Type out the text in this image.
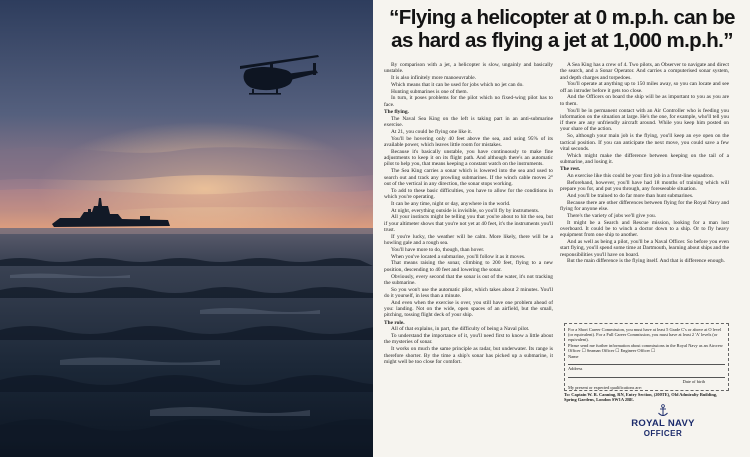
“Flying a helicopter at 0 m.p.h. can be as hard as flying a jet at 1,000 m.p.h.”

By comparison with a jet, a helicopter is slow, ungainly and basically unstable.

It is also infinitely more manoeuvrable.

Which means that it can be used for jobs which no jet can do.

Hunting submarines is one of them.

In turn, it poses problems for the pilot which no fixed-wing pilot has to face.

The flying.

The Naval Sea King on the left is taking part in an anti-submarine exercise.

At 21, you could be flying one like it.

You'll be hovering only 40 feet above the sea, and using 95% of its available power, which leaves little room for mistakes.

Because it's basically unstable, you have continuously to make fine adjustments to keep it on its flight path. And although there's an automatic pilot to help you, that means keeping a constant watch on the instruments.

The Sea King carries a sonar which is lowered into the sea and used to search out and track any prowling submarines. If the winch cable moves 2° out of the vertical in any direction, the sonar stops working.

To add to these basic difficulties, you have to allow for the conditions in which you're operating.

It can be any time, night or day, anywhere in the world.

At night, everything outside is invisible, so you'll fly by instruments.

All your instincts might be telling you that you're about to hit the sea, but if your altimeter shows that you're not yet at 40 feet, it's the instruments you'll trust.

If you're lucky, the weather will be calm. More likely, there will be a howling gale and a rough sea.

You'll have more to do, though, than hover.

When you've located a submarine, you'll follow it as it moves.

That means raising the sonar, climbing to 200 feet, flying to a new position, descending to 40 feet and lowering the sonar.

Obviously, every second that the sonar is out of the water, it's not tracking the submarine.

So you won't use the automatic pilot, which takes about 2 minutes. You'll do it yourself, in less than a minute.

And even when the exercise is over, you still have one problem ahead of you: landing. Not on the wide, open spaces of an airfield, but the small, pitching, tossing flight deck of your ship.

The role.

All of that explains, in part, the difficulty of being a Naval pilot.

To understand the importance of it, you'll need first to know a little about the mysteries of sonar.

It works on much the same principle as radar, but underwater. Its range is therefore shorter. By the time a ship's sonar has picked up a submarine, it might well be too close for comfort.

A Sea King has a crew of 4. Two pilots, an Observer to navigate and direct the search, and a Sonar Operator. And carries a computerised sonar system, and depth charges and torpedoes.

You'll operate at anything up to 150 miles away, so you can locate and see off an intruder before it gets too close.

And the Officers on board the ship will be as important to you as you are to them.

You'll be in permanent contact with an Air Controller who is feeding you information on the situation at large. He's the one, for example, who'll tell you if there are any unfriendly aircraft around. While you keep him posted on your share of the action.

So, although your main job is the flying, you'll keep an eye open on the tactical position. If you can anticipate the next move, you could save a few vital seconds.

Which might make the difference between keeping on the tail of a submarine, and losing it.

The rest.

An exercise like this could be your first job in a front-line squadron.

Beforehand, however, you'll have had 18 months of training which will prepare you for, and put you through, any foreseeable situation.

And you'll be trained to do far more than hunt submarines.

Because there are other differences between flying for the Royal Navy and flying for anyone else.

There's the variety of jobs we'll give you.

It might be a Search and Rescue mission, looking for a man lost overboard. It could be to winch a doctor down to a ship. Or to fly heavy equipment from one ship to another.

And as well as being a pilot, you'll be a Naval Officer. So before you even start flying, you'll spend some time at Dartmouth, learning about ships and the responsibilities you'll have on board.

But the main difference is the flying itself. And that is difference enough.

For a Short Career Commission, you must have at least 5 Grade C's or above at O level (or equivalent). For a Full Career Commission, you must have at least 2 'A' levels (or equivalent).

Please send me further information about commissions in the Royal Navy as an Aircrew Officer ☐ Seaman Officer ☐ Engineer Officer ☐

Name

Address

Date of birth

My present or expected qualifications are:

To: Captain W. R. Canning, RN, Entry Section, (200TE), Old Admiralty Building, Spring Gardens, London SW1A 2BE.
ROYAL NAVY
OFFICER
